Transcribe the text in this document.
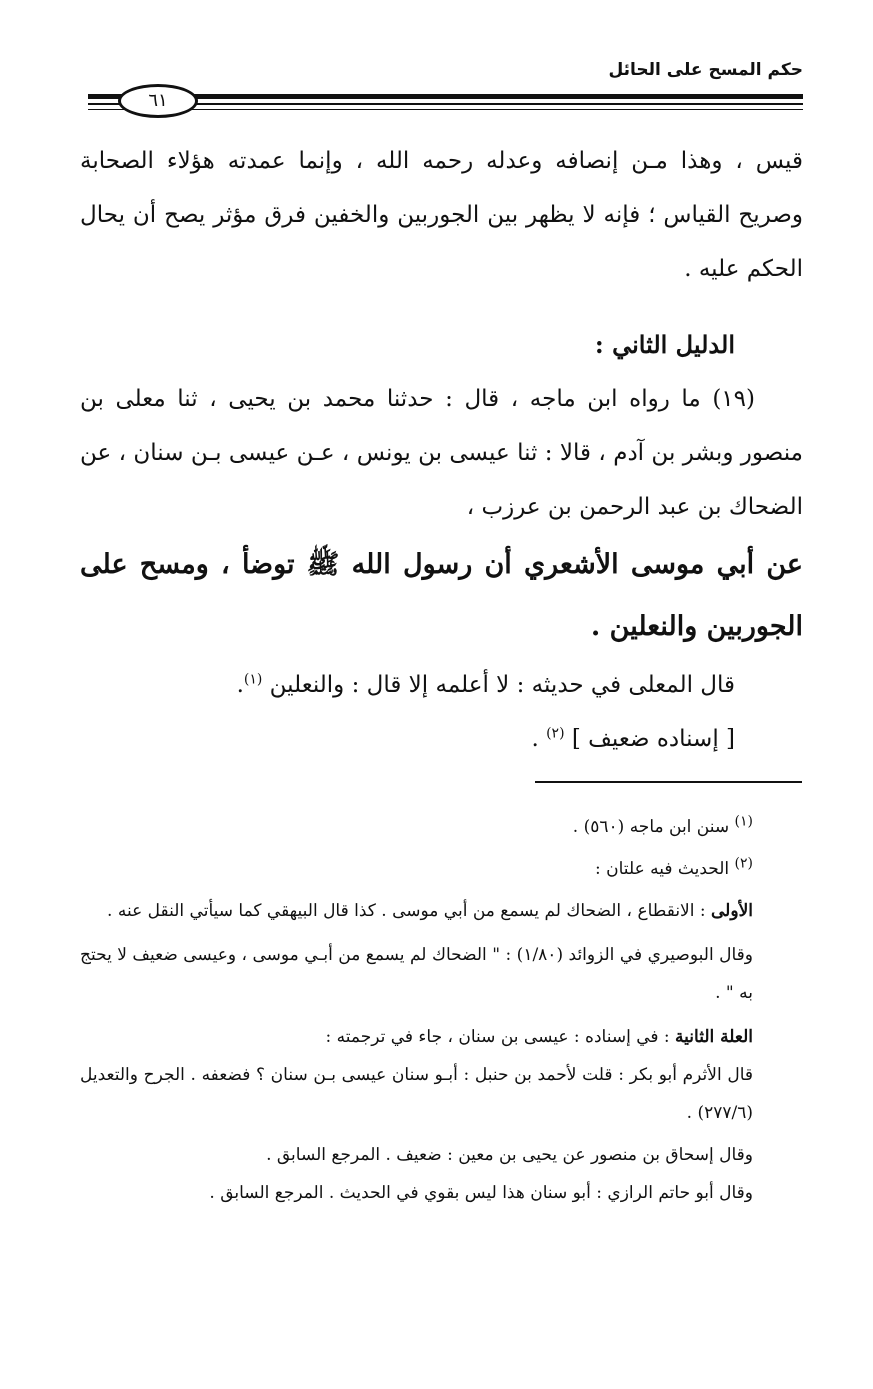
حكم المسح على الحائل
٦١

قيس ، وهذا مـن إنصافه وعدله رحمه الله ، وإنما عمدته هؤلاء الصحابة وصريح القياس ؛ فإنه لا يظهر بين الجوربين والخفين فرق مؤثر يصح أن يحال الحكم عليه .

الدليل الثاني :

(١٩) ما رواه ابن ماجه ، قال : حدثنا محمد بن يحيى ، ثنا معلى بن منصور وبشر بن آدم ، قالا : ثنا عيسى بن يونس ، عـن عيسى بـن سنان ، عن الضحاك بن عبد الرحمن بن عرزب ،

عن أبي موسى الأشعري أن رسول الله ﷺ توضأ ، ومسح على الجوربين والنعلين .

قال المعلى في حديثه : لا أعلمه إلا قال : والنعلين $^{(١)}$.

[ إسناده ضعيف ] $^{(٢)}$ .

$^{(١)}$ سنن ابن ماجه (٥٦٠) .

$^{(٢)}$ الحديث فيه علتان :

الأولى : الانقطاع ، الضحاك لم يسمع من أبي موسى . كذا قال البيهقي كما سيأتي النقل عنه .

وقال البوصيري في الزوائد (١/٨٠) : " الضحاك لم يسمع من أبـي موسى ، وعيسى ضعيف لا يحتج به " .

العلة الثانية : في إسناده : عيسى بن سنان ، جاء في ترجمته :

قال الأثرم أبو بكر : قلت لأحمد بن حنبل : أبـو سنان عيسى بـن سنان ؟ فضعفه . الجرح والتعديل (٢٧٧/٦) .

وقال إسحاق بن منصور عن يحيى بن معين : ضعيف . المرجع السابق .

وقال أبو حاتم الرازي : أبو سنان هذا ليس بقوي في الحديث . المرجع السابق .
